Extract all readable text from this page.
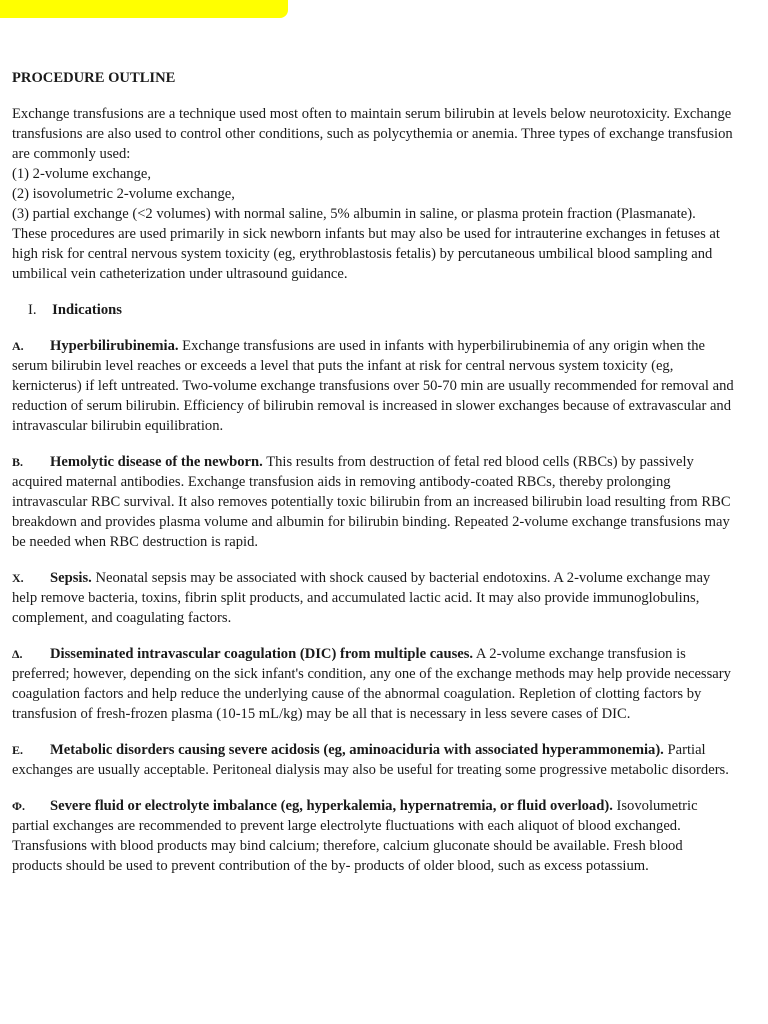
PROCEDURE OUTLINE

Exchange transfusions are a technique used most often to maintain serum bilirubin at levels below neurotoxicity. Exchange transfusions are also used to control other conditions, such as polycythemia or anemia. Three types of exchange transfusion are commonly used:

(1) 2-volume exchange,

(2) isovolumetric 2-volume exchange,

(3) partial exchange (<2 volumes) with normal saline, 5% albumin in saline, or plasma protein fraction (Plasmanate).

These procedures are used primarily in sick newborn infants but may also be used for intrauterine exchanges in fetuses at high risk for central nervous system toxicity (eg, erythroblastosis fetalis) by percutaneous umbilical blood sampling and umbilical vein catheterization under ultrasound guidance.

I. Indications
A. Hyperbilirubinemia. Exchange transfusions are used in infants with hyperbilirubinemia of any origin when the serum bilirubin level reaches or exceeds a level that puts the infant at risk for central nervous system toxicity (eg, kernicterus) if left untreated. Two-volume exchange transfusions over 50-70 min are usually recommended for removal and reduction of serum bilirubin. Efficiency of bilirubin removal is increased in slower exchanges because of extravascular and intravascular bilirubin equilibration.
B. Hemolytic disease of the newborn. This results from destruction of fetal red blood cells (RBCs) by passively acquired maternal antibodies. Exchange transfusion aids in removing antibody-coated RBCs, thereby prolonging intravascular RBC survival. It also removes potentially toxic bilirubin from an increased bilirubin load resulting from RBC breakdown and provides plasma volume and albumin for bilirubin binding. Repeated 2-volume exchange transfusions may be needed when RBC destruction is rapid.
X. Sepsis. Neonatal sepsis may be associated with shock caused by bacterial endotoxins. A 2-volume exchange may help remove bacteria, toxins, fibrin split products, and accumulated lactic acid. It may also provide immunoglobulins, complement, and coagulating factors.
Δ. Disseminated intravascular coagulation (DIC) from multiple causes. A 2-volume exchange transfusion is preferred; however, depending on the sick infant's condition, any one of the exchange methods may help provide necessary coagulation factors and help reduce the underlying cause of the abnormal coagulation. Repletion of clotting factors by transfusion of fresh-frozen plasma (10-15 mL/kg) may be all that is necessary in less severe cases of DIC.
E. Metabolic disorders causing severe acidosis (eg, aminoaciduria with associated hyperammonemia). Partial exchanges are usually acceptable. Peritoneal dialysis may also be useful for treating some progressive metabolic disorders.
Φ. Severe fluid or electrolyte imbalance (eg, hyperkalemia, hypernatremia, or fluid overload). Isovolumetric partial exchanges are recommended to prevent large electrolyte fluctuations with each aliquot of blood exchanged. Transfusions with blood products may bind calcium; therefore, calcium gluconate should be available. Fresh blood products should be used to prevent contribution of the by- products of older blood, such as excess potassium.
